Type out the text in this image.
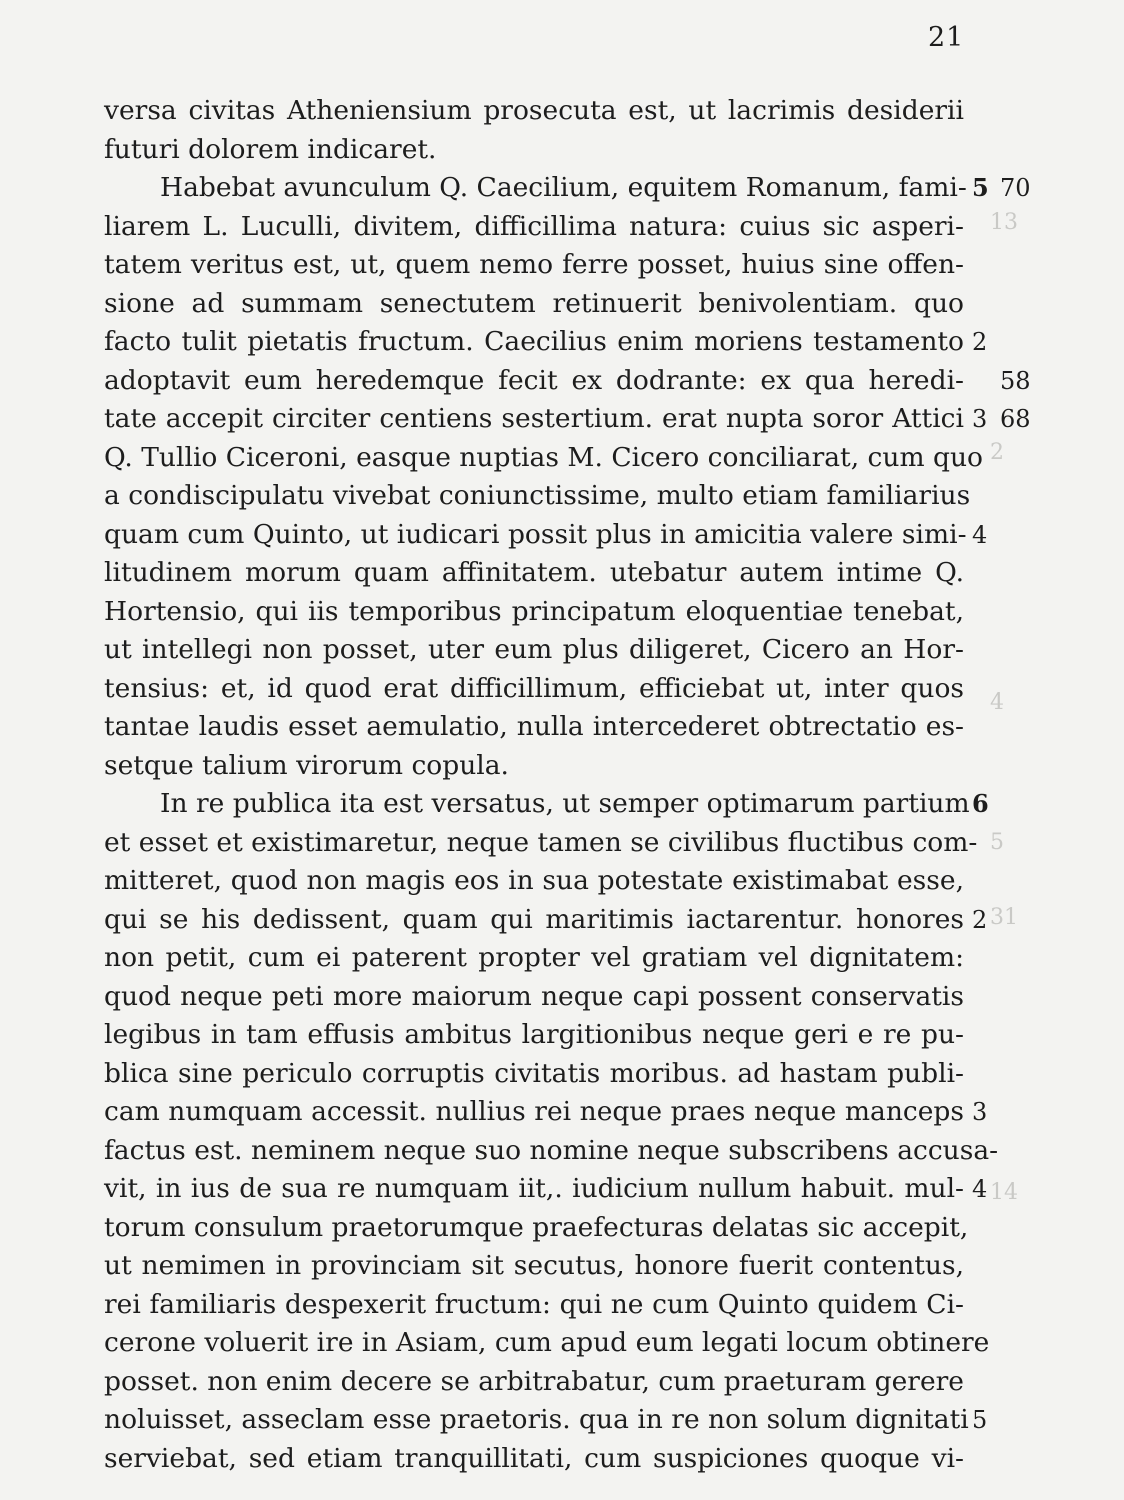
21
13
2
4
5
31
14
versa civitas Atheniensium prosecuta est, ut lacrimis desiderii
futuri dolorem indicaret.
Habebat avunculum Q. Caecilium, equitem Romanum, fami- 5 70
liarem L. Luculli, divitem, difficillima natura: cuius sic asperi-
tatem veritus est, ut, quem nemo ferre posset, huius sine offen-
sione ad summam senectutem retinuerit benivolentiam. quo
facto tulit pietatis fructum. Caecilius enim moriens testamento 2
adoptavit eum heredemque fecit ex dodrante: ex qua heredi- 58
tate accepit circiter centiens sestertium. erat nupta soror Attici 3 68
Q. Tullio Ciceroni, easque nuptias M. Cicero conciliarat, cum quo
a condiscipulatu vivebat coniunctissime, multo etiam familiarius
quam cum Quinto, ut iudicari possit plus in amicitia valere simi- 4
litudinem morum quam affinitatem. utebatur autem intime Q.
Hortensio, qui iis temporibus principatum eloquentiae tenebat,
ut intellegi non posset, uter eum plus diligeret, Cicero an Hor-
tensius: et, id quod erat difficillimum, efficiebat ut, inter quos
tantae laudis esset aemulatio, nulla intercederet obtrectatio es-
setque talium virorum copula.
In re publica ita est versatus, ut semper optimarum partium 6
et esset et existimaretur, neque tamen se civilibus fluctibus com-
mitteret, quod non magis eos in sua potestate existimabat esse,
qui se his dedissent, quam qui maritimis iactarentur. honores 2
non petit, cum ei paterent propter vel gratiam vel dignitatem:
quod neque peti more maiorum neque capi possent conservatis
legibus in tam effusis ambitus largitionibus neque geri e re pu-
blica sine periculo corruptis civitatis moribus. ad hastam publi-
cam numquam accessit. nullius rei neque praes neque manceps 3
factus est. neminem neque suo nomine neque subscribens accusa-
vit, in ius de sua re numquam iit,. iudicium nullum habuit. mul- 4
torum consulum praetorumque praefecturas delatas sic accepit,
ut nemimen in provinciam sit secutus, honore fuerit contentus,
rei familiaris despexerit fructum: qui ne cum Quinto quidem Ci-
cerone voluerit ire in Asiam, cum apud eum legati locum obtinere
posset. non enim decere se arbitrabatur, cum praeturam gerere
noluisset, asseclam esse praetoris. qua in re non solum dignitati 5
serviebat, sed etiam tranquillitati, cum suspiciones quoque vi-
